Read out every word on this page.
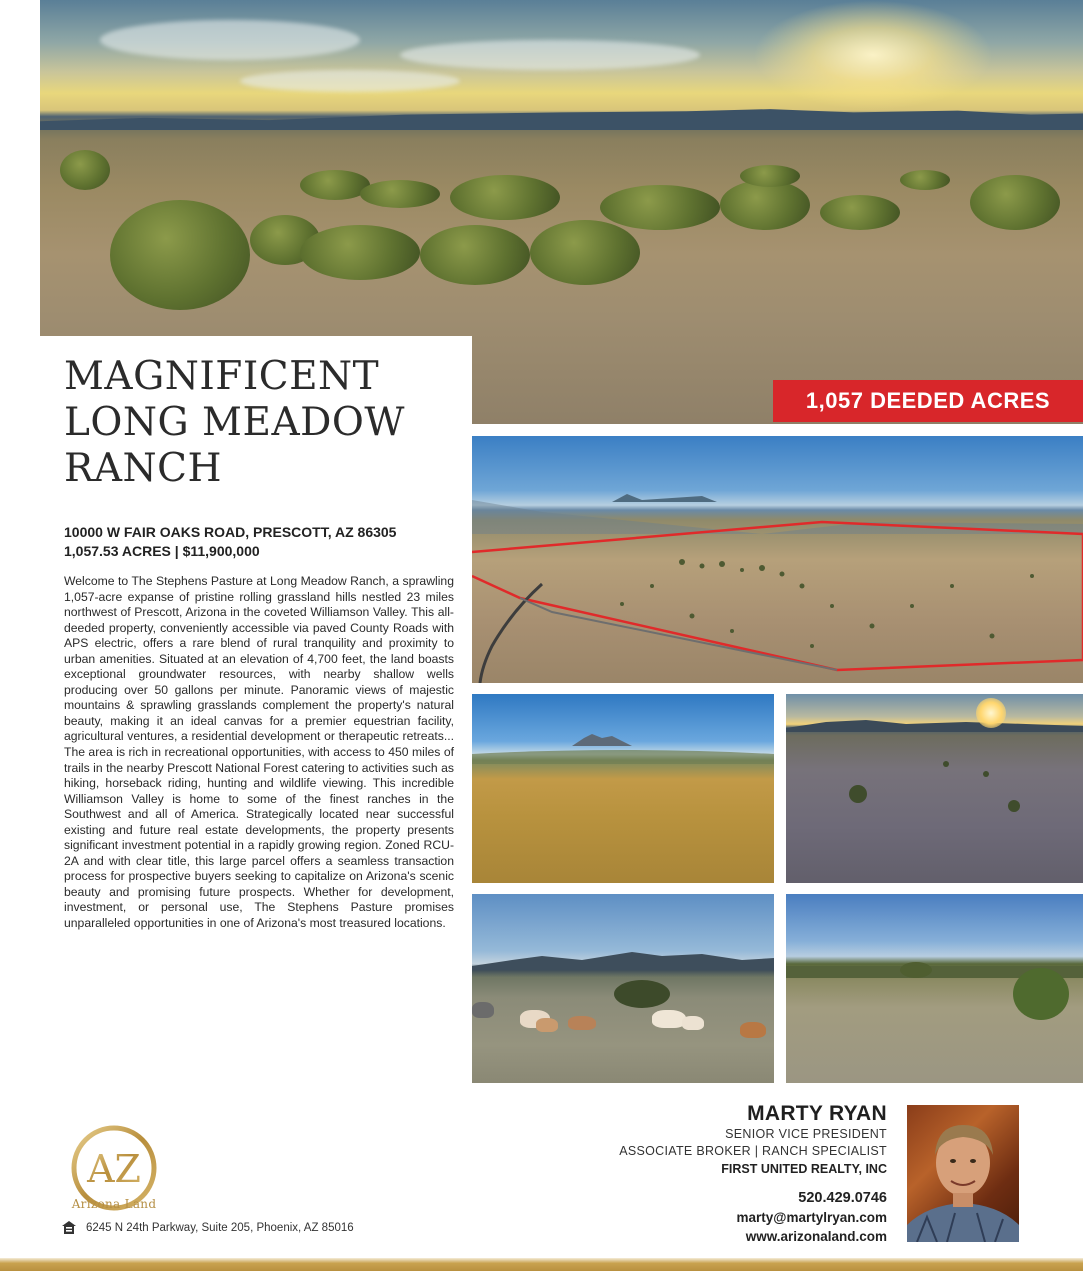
MAGNIFICENT
LONG MEADOW
RANCH
1,057 DEEDED ACRES
10000 W FAIR OAKS ROAD, PRESCOTT, AZ 86305
1,057.53 ACRES | $11,900,000

Welcome to The Stephens Pasture at Long Meadow Ranch, a sprawling 1,057-acre expanse of pristine rolling grassland hills nestled 23 miles northwest of Prescott, Arizona in the coveted Williamson Valley. This all-deeded property, conveniently accessible via paved County Roads with APS electric, offers a rare blend of rural tranquility and proximity to urban amenities. Situated at an elevation of 4,700 feet, the land boasts exceptional groundwater resources, with nearby shallow wells producing over 50 gallons per minute. Panoramic views of majestic mountains & sprawling grasslands complement the property's natural beauty, making it an ideal canvas for a premier equestrian facility, agricultural ventures, a residential development or therapeutic retreats... The area is rich in recreational opportunities, with access to 450 miles of trails in the nearby Prescott National Forest catering to activities such as hiking, horseback riding, hunting and wildlife viewing. This incredible Williamson Valley is home to some of the finest ranches in the Southwest and all of America. Strategically located near successful existing and future real estate developments, the property presents significant investment potential in a rapidly growing region. Zoned RCU-2A and with clear title, this large parcel offers a seamless transaction process for prospective buyers seeking to capitalize on Arizona's scenic beauty and promising future prospects. Whether for development, investment, or personal use, The Stephens Pasture promises unparalleled opportunities in one of Arizona's most treasured locations.

MARTY RYAN
SENIOR VICE PRESIDENT
ASSOCIATE BROKER | RANCH SPECIALIST
FIRST UNITED REALTY, INC
520.429.0746
marty@martylryan.com
www.arizonaland.com
AZ
Arizona Land
6245 N 24th Parkway, Suite 205, Phoenix, AZ 85016
